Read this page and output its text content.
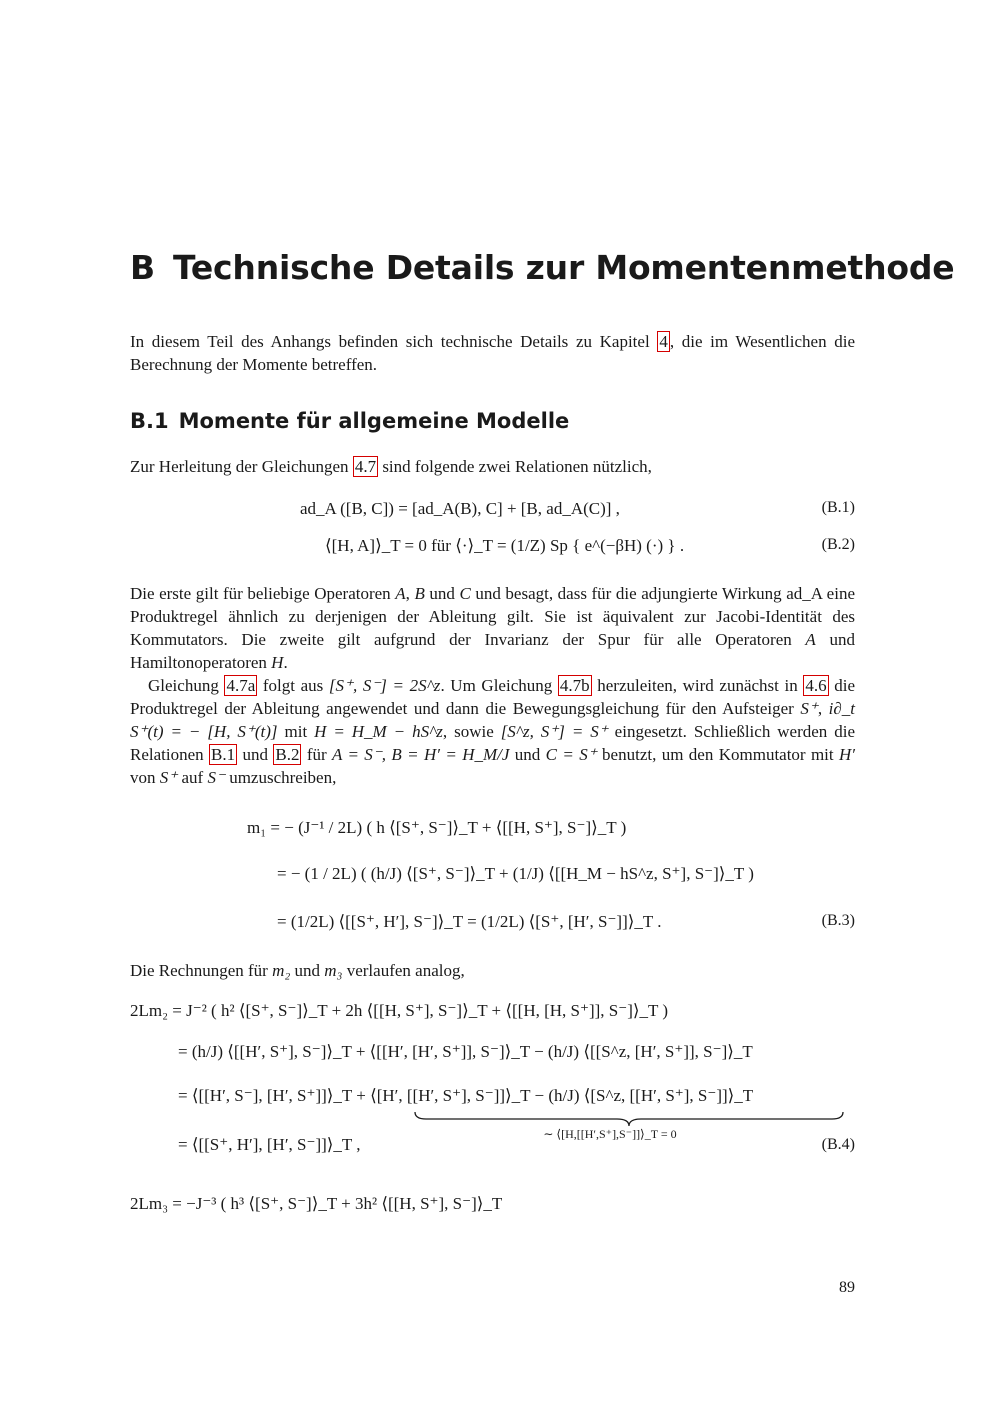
B Technische Details zur Momentenmethode

In diesem Teil des Anhangs befinden sich technische Details zu Kapitel 4 , die im Wesentlichen die Berechnung der Momente betreffen.

B.1 Momente für allgemeine Modelle

Zur Herleitung der Gleichungen 4.7 sind folgende zwei Relationen nützlich,

ad_A ([B, C]) = [ad_A(B), C] + [B, ad_A(C)] ,	(B.1)
⟨[H, A]⟩_T = 0 für ⟨·⟩_T = (1/Z) Sp { e^(−βH) (·) } .	(B.2)

Die erste gilt für beliebige Operatoren A, B und C und besagt, dass für die adjungierte Wirkung ad_A eine Produktregel ähnlich zu derjenigen der Ableitung gilt. Sie ist äquivalent zur Jacobi-Identität des Kommutators. Die zweite gilt aufgrund der Invarianz der Spur für alle Operatoren A und Hamiltonoperatoren H.

Gleichung 4.7a folgt aus [S⁺, S⁻] = 2S^z. Um Gleichung 4.7b herzuleiten, wird zunächst in 4.6 die Produktregel der Ableitung angewendet und dann die Bewegungsgleichung für den Aufsteiger S⁺, i∂_t S⁺(t) = − [H, S⁺(t)] mit H = H_M − hS^z, sowie [S^z, S⁺] = S⁺ eingesetzt. Schließlich werden die Relationen B.1 und B.2 für A = S⁻, B = H′ = H_M/J und C = S⁺ benutzt, um den Kommutator mit H′ von S⁺ auf S⁻ umzuschreiben,

m₁ = − (J⁻¹ / 2L) ( h ⟨[S⁺, S⁻]⟩_T + ⟨[[H, S⁺], S⁻]⟩_T )
= − (1 / 2L) ( (h/J) ⟨[S⁺, S⁻]⟩_T + (1/J) ⟨[[H_M − hS^z, S⁺], S⁻]⟩_T )
= (1/2L) ⟨[[S⁺, H′], S⁻]⟩_T = (1/2L) ⟨[S⁺, [H′, S⁻]]⟩_T .	(B.3)

Die Rechnungen für m₂ und m₃ verlaufen analog,

2Lm₂ = J⁻² ( h² ⟨[S⁺, S⁻]⟩_T + 2h ⟨[[H, S⁺], S⁻]⟩_T + ⟨[[H, [H, S⁺]], S⁻]⟩_T )
= (h/J) ⟨[[H′, S⁺], S⁻]⟩_T + ⟨[[H′, [H′, S⁺]], S⁻]⟩_T − (h/J) ⟨[[S^z, [H′, S⁺]], S⁻]⟩_T
= ⟨[[H′, S⁻], [H′, S⁺]]⟩_T + ⟨[H′, [[H′, S⁺], S⁻]]⟩_T − (h/J) ⟨[S^z, [[H′, S⁺], S⁻]]⟩_T
∼ ⟨[H,[[H′,S⁺],S⁻]]⟩_T = 0
= ⟨[[S⁺, H′], [H′, S⁻]]⟩_T ,	(B.4)
2Lm₃ = −J⁻³ ( h³ ⟨[S⁺, S⁻]⟩_T + 3h² ⟨[[H, S⁺], S⁻]⟩_T
89
